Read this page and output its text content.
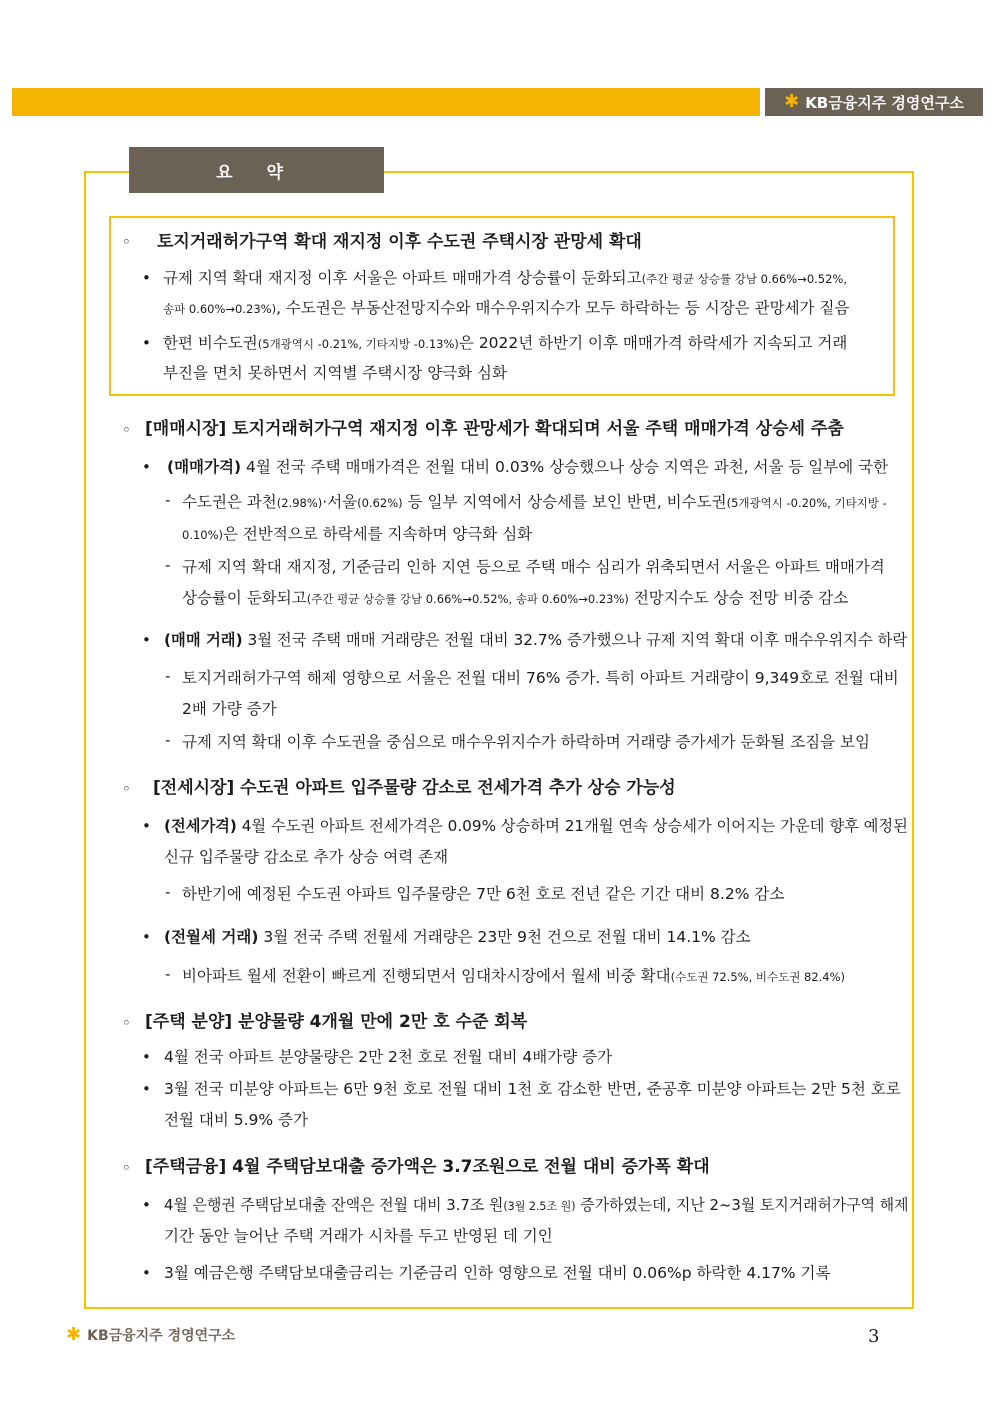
✱ KB금융지주 경영연구소
요 약
◦ 토지거래허가구역 확대 재지정 이후 수도권 주택시장 관망세 확대
• 규제 지역 확대 재지정 이후 서울은 아파트 매매가격 상승률이 둔화되고(주간 평균 상승률 강남 0.66%→0.52%,
송파 0.60%→0.23%), 수도권은 부동산전망지수와 매수우위지수가 모두 하락하는 등 시장은 관망세가 짙음
• 한편 비수도권(5개광역시 -0.21%, 기타지방 -0.13%)은 2022년 하반기 이후 매매가격 하락세가 지속되고 거래
부진을 면치 못하면서 지역별 주택시장 양극화 심화
◦ [매매시장] 토지거래허가구역 재지정 이후 관망세가 확대되며 서울 주택 매매가격 상승세 주춤
• (매매가격) 4월 전국 주택 매매가격은 전월 대비 0.03% 상승했으나 상승 지역은 과천, 서울 등 일부에 국한
- 수도권은 과천(2.98%)·서울(0.62%) 등 일부 지역에서 상승세를 보인 반면, 비수도권(5개광역시 -0.20%, 기타지방 -
0.10%)은 전반적으로 하락세를 지속하며 양극화 심화
- 규제 지역 확대 재지정, 기준금리 인하 지연 등으로 주택 매수 심리가 위축되면서 서울은 아파트 매매가격
상승률이 둔화되고(주간 평균 상승률 강남 0.66%→0.52%, 송파 0.60%→0.23%) 전망지수도 상승 전망 비중 감소
• (매매 거래) 3월 전국 주택 매매 거래량은 전월 대비 32.7% 증가했으나 규제 지역 확대 이후 매수우위지수 하락
- 토지거래허가구역 해제 영향으로 서울은 전월 대비 76% 증가. 특히 아파트 거래량이 9,349호로 전월 대비
2배 가량 증가
- 규제 지역 확대 이후 수도권을 중심으로 매수우위지수가 하락하며 거래량 증가세가 둔화될 조짐을 보임
◦ [전세시장] 수도권 아파트 입주물량 감소로 전세가격 추가 상승 가능성
• (전세가격) 4월 수도권 아파트 전세가격은 0.09% 상승하며 21개월 연속 상승세가 이어지는 가운데 향후 예정된
신규 입주물량 감소로 추가 상승 여력 존재
- 하반기에 예정된 수도권 아파트 입주물량은 7만 6천 호로 전년 같은 기간 대비 8.2% 감소
• (전월세 거래) 3월 전국 주택 전월세 거래량은 23만 9천 건으로 전월 대비 14.1% 감소
- 비아파트 월세 전환이 빠르게 진행되면서 임대차시장에서 월세 비중 확대(수도권 72.5%, 비수도권 82.4%)
◦ [주택 분양] 분양물량 4개월 만에 2만 호 수준 회복
• 4월 전국 아파트 분양물량은 2만 2천 호로 전월 대비 4배가량 증가
• 3월 전국 미분양 아파트는 6만 9천 호로 전월 대비 1천 호 감소한 반면, 준공후 미분양 아파트는 2만 5천 호로
전월 대비 5.9% 증가
◦ [주택금융] 4월 주택담보대출 증가액은 3.7조원으로 전월 대비 증가폭 확대
• 4월 은행권 주택담보대출 잔액은 전월 대비 3.7조 원(3월 2.5조 원) 증가하였는데, 지난 2~3월 토지거래허가구역 해제
기간 동안 늘어난 주택 거래가 시차를 두고 반영된 데 기인
• 3월 예금은행 주택담보대출금리는 기준금리 인하 영향으로 전월 대비 0.06%p 하락한 4.17% 기록
✱ KB금융지주 경영연구소	3
